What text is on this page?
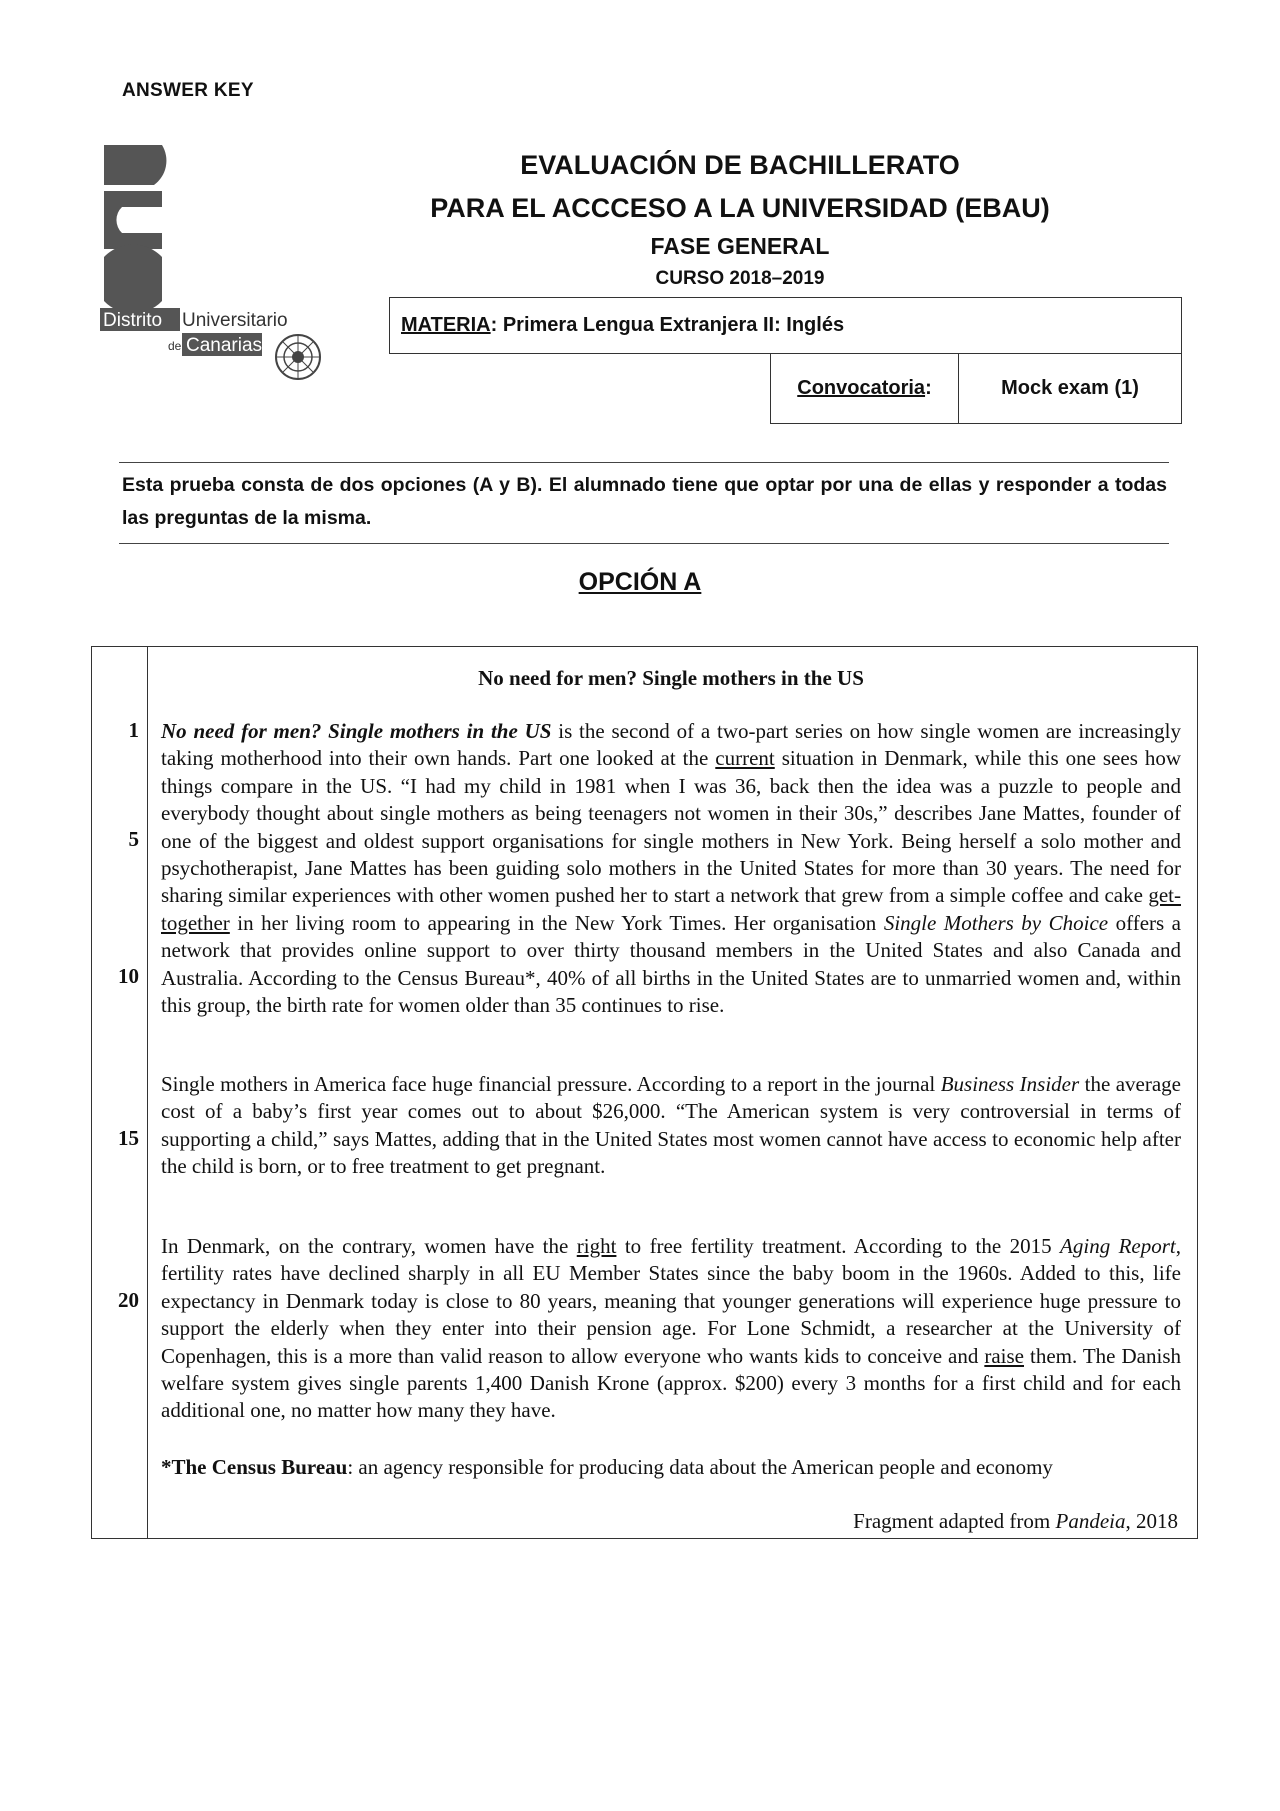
ANSWER KEY
Distrito Universitario
de Canarias
EVALUACIÓN DE BACHILLERATO
PARA EL ACCCESO A LA UNIVERSIDAD (EBAU)
FASE GENERAL
CURSO 2018–2019
MATERIA: Primera Lengua Extranjera II: Inglés
Convocatoria :	Mock exam (1)
Esta prueba consta de dos opciones (A y B). El alumnado tiene que optar por una de ellas y responder a todas las preguntas de la misma.
OPCIÓN A
1
5
10
15
20
No need for men? Single mothers in the US

No need for men? Single mothers in the US is the second of a two-part series on how single women are increasingly taking motherhood into their own hands. Part one looked at the current situation in Denmark, while this one sees how things compare in the US. “I had my child in 1981 when I was 36, back then the idea was a puzzle to people and everybody thought about single mothers as being teenagers not women in their 30s,” describes Jane Mattes, founder of one of the biggest and oldest support organisations for single mothers in New York. Being herself a solo mother and psychotherapist, Jane Mattes has been guiding solo mothers in the United States for more than 30 years. The need for sharing similar experiences with other women pushed her to start a network that grew from a simple coffee and cake get-together in her living room to appearing in the New York Times. Her organisation Single Mothers by Choice offers a network that provides online support to over thirty thousand members in the United States and also Canada and Australia. According to the Census Bureau*, 40% of all births in the United States are to unmarried women and, within this group, the birth rate for women older than 35 continues to rise.

Single mothers in America face huge financial pressure. According to a report in the journal Business Insider the average cost of a baby’s first year comes out to about $26,000. “The American system is very controversial in terms of supporting a child,” says Mattes, adding that in the United States most women cannot have access to economic help after the child is born, or to free treatment to get pregnant.

In Denmark, on the contrary, women have the right to free fertility treatment. According to the 2015 Aging Report, fertility rates have declined sharply in all EU Member States since the baby boom in the 1960s. Added to this, life expectancy in Denmark today is close to 80 years, meaning that younger generations will experience huge pressure to support the elderly when they enter into their pension age. For Lone Schmidt, a researcher at the University of Copenhagen, this is a more than valid reason to allow everyone who wants kids to conceive and raise them. The Danish welfare system gives single parents 1,400 Danish Krone (approx. $200) every 3 months for a first child and for each additional one, no matter how many they have.

*The Census Bureau: an agency responsible for producing data about the American people and economy
Fragment adapted from Pandeia, 2018
